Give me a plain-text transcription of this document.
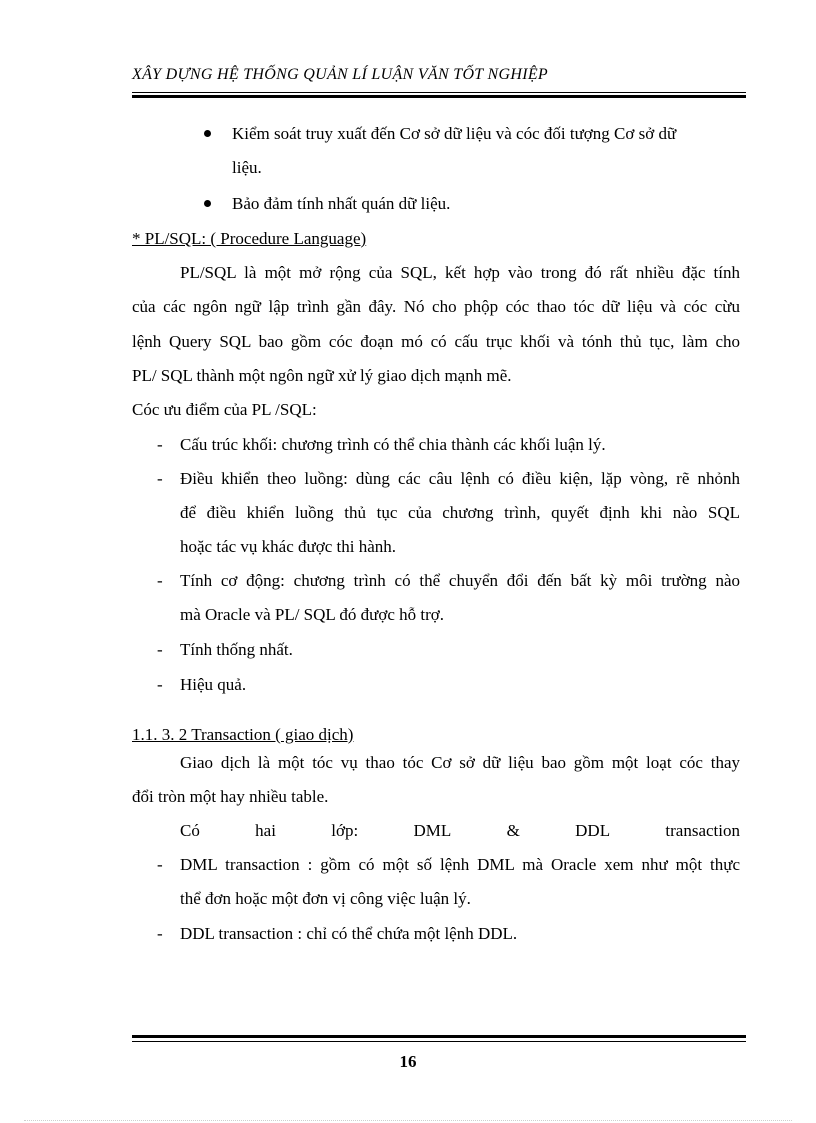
XÂY DỰNG HỆ THỐNG QUẢN LÍ LUẬN VĂN TỐT NGHIỆP
Kiểm soát truy xuất đến Cơ sở dữ liệu và cóc đối tượng Cơ sở dữ
liệu.
Bảo đảm tính nhất quán dữ liệu.
* PL/SQL: ( Procedure Language)
PL/SQL là một mở rộng của SQL, kết hợp vào trong đó rất nhiều đặc tính
của các ngôn ngữ lập trình gần đây. Nó cho phộp cóc thao tóc dữ liệu và cóc cừu
lệnh Query SQL bao gồm cóc đoạn mó có cấu trục khối và tónh thủ tục, làm cho
PL/ SQL thành một ngôn ngữ xử lý giao dịch mạnh mẽ.
Cóc ưu điểm của PL /SQL:
- Cấu trúc khối: chương trình có thể chia thành các khối luận lý.
- Điều khiển theo luồng: dùng các câu lệnh có điều kiện, lặp vòng, rẽ nhỏnh
để điều khiển luồng thủ tục của chương trình, quyết định khi nào SQL
hoặc tác vụ khác được thi hành.
- Tính cơ động: chương trình có thể chuyển đổi đến bất kỳ môi trường nào
mà Oracle và PL/ SQL đó được hỗ trợ.
- Tính thống nhất.
- Hiệu quả.
1.1. 3. 2 Transaction ( giao dịch)
Giao dịch là một tóc vụ thao tóc Cơ sở dữ liệu bao gồm một loạt cóc thay
đổi tròn một hay nhiều table.
Có	hai	lớp:	DML	&	DDL	transaction
- DML transaction : gồm có một số lệnh DML mà Oracle xem như một thực
thể đơn hoặc một đơn vị công việc luận lý.
- DDL transaction : chỉ có thể chứa một lệnh DDL.
16
